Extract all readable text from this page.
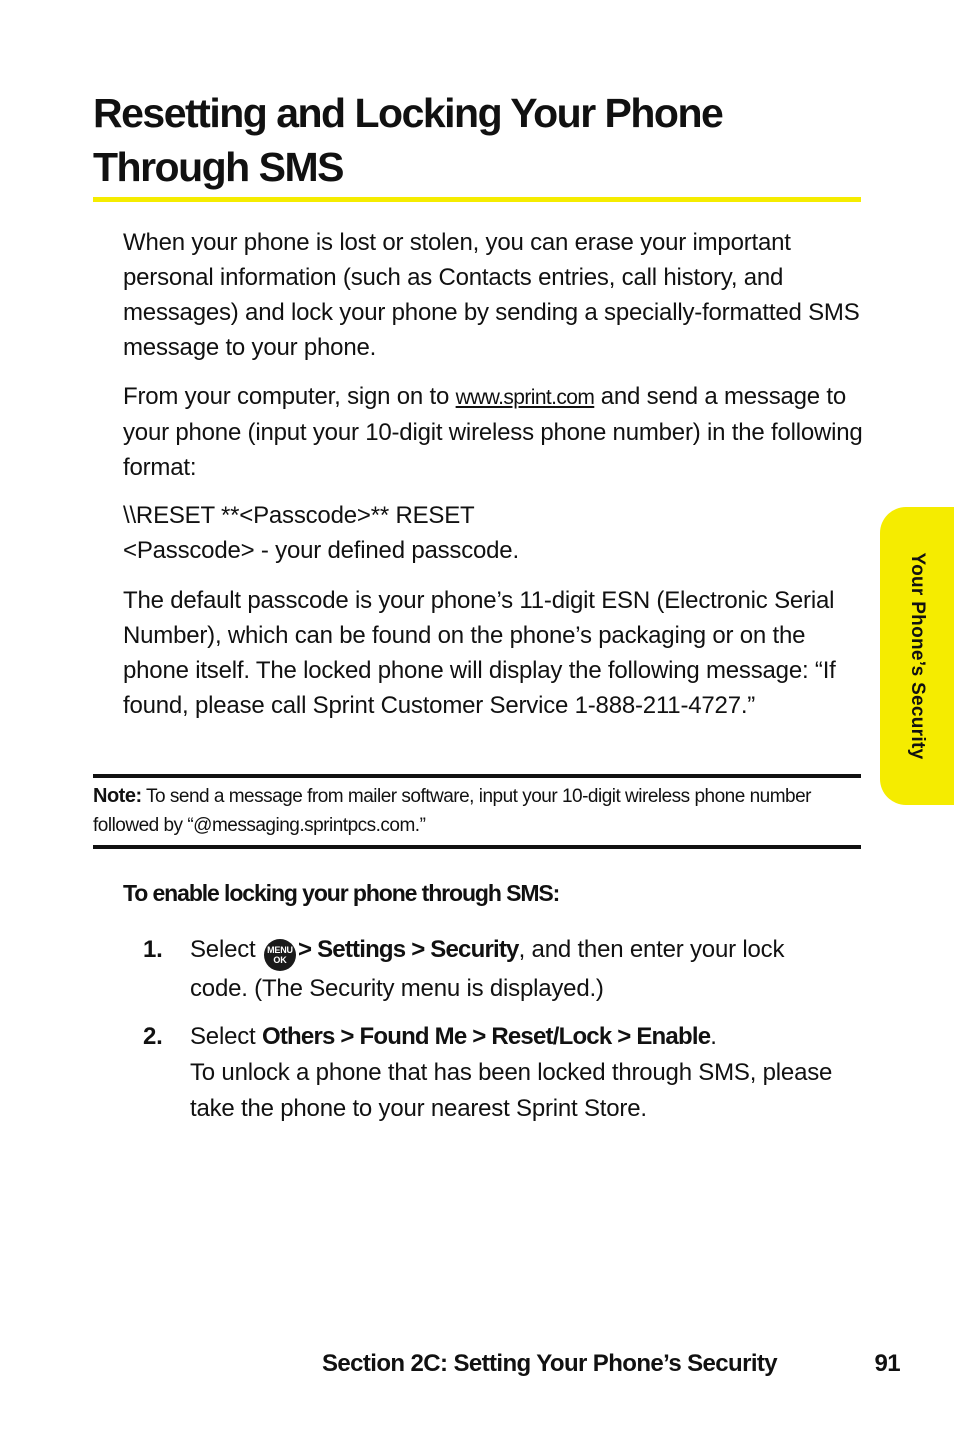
Resetting and Locking Your Phone
Through SMS

When your phone is lost or stolen, you can erase your important personal information (such as Contacts entries, call history, and messages) and lock your phone by sending a specially-formatted SMS message to your phone.

From your computer, sign on to www.sprint.com and send a message to your phone (input your 10-digit wireless phone number) in the following format:

\\RESET **<Passcode>** RESET

<Passcode> - your defined passcode.

The default passcode is your phone’s 11-digit ESN (Electronic Serial Number), which can be found on the phone’s packaging or on the phone itself. The locked phone will display the following message: “If found, please call Sprint Customer Service 1-888-211-4727.”

Note: To send a message from mailer software, input your 10-digit wireless phone number followed by “@messaging.sprintpcs.com.”
To enable locking your phone through SMS:
1. Select MENU
OK > Settings > Security, and then enter your lock code. (The Security menu is displayed.)
2. Select Others > Found Me > Reset/Lock > Enable.
To unlock a phone that has been locked through SMS, please take the phone to your nearest Sprint Store.
Your Phone’s Security
Section 2C: Setting Your Phone’s Security	91
